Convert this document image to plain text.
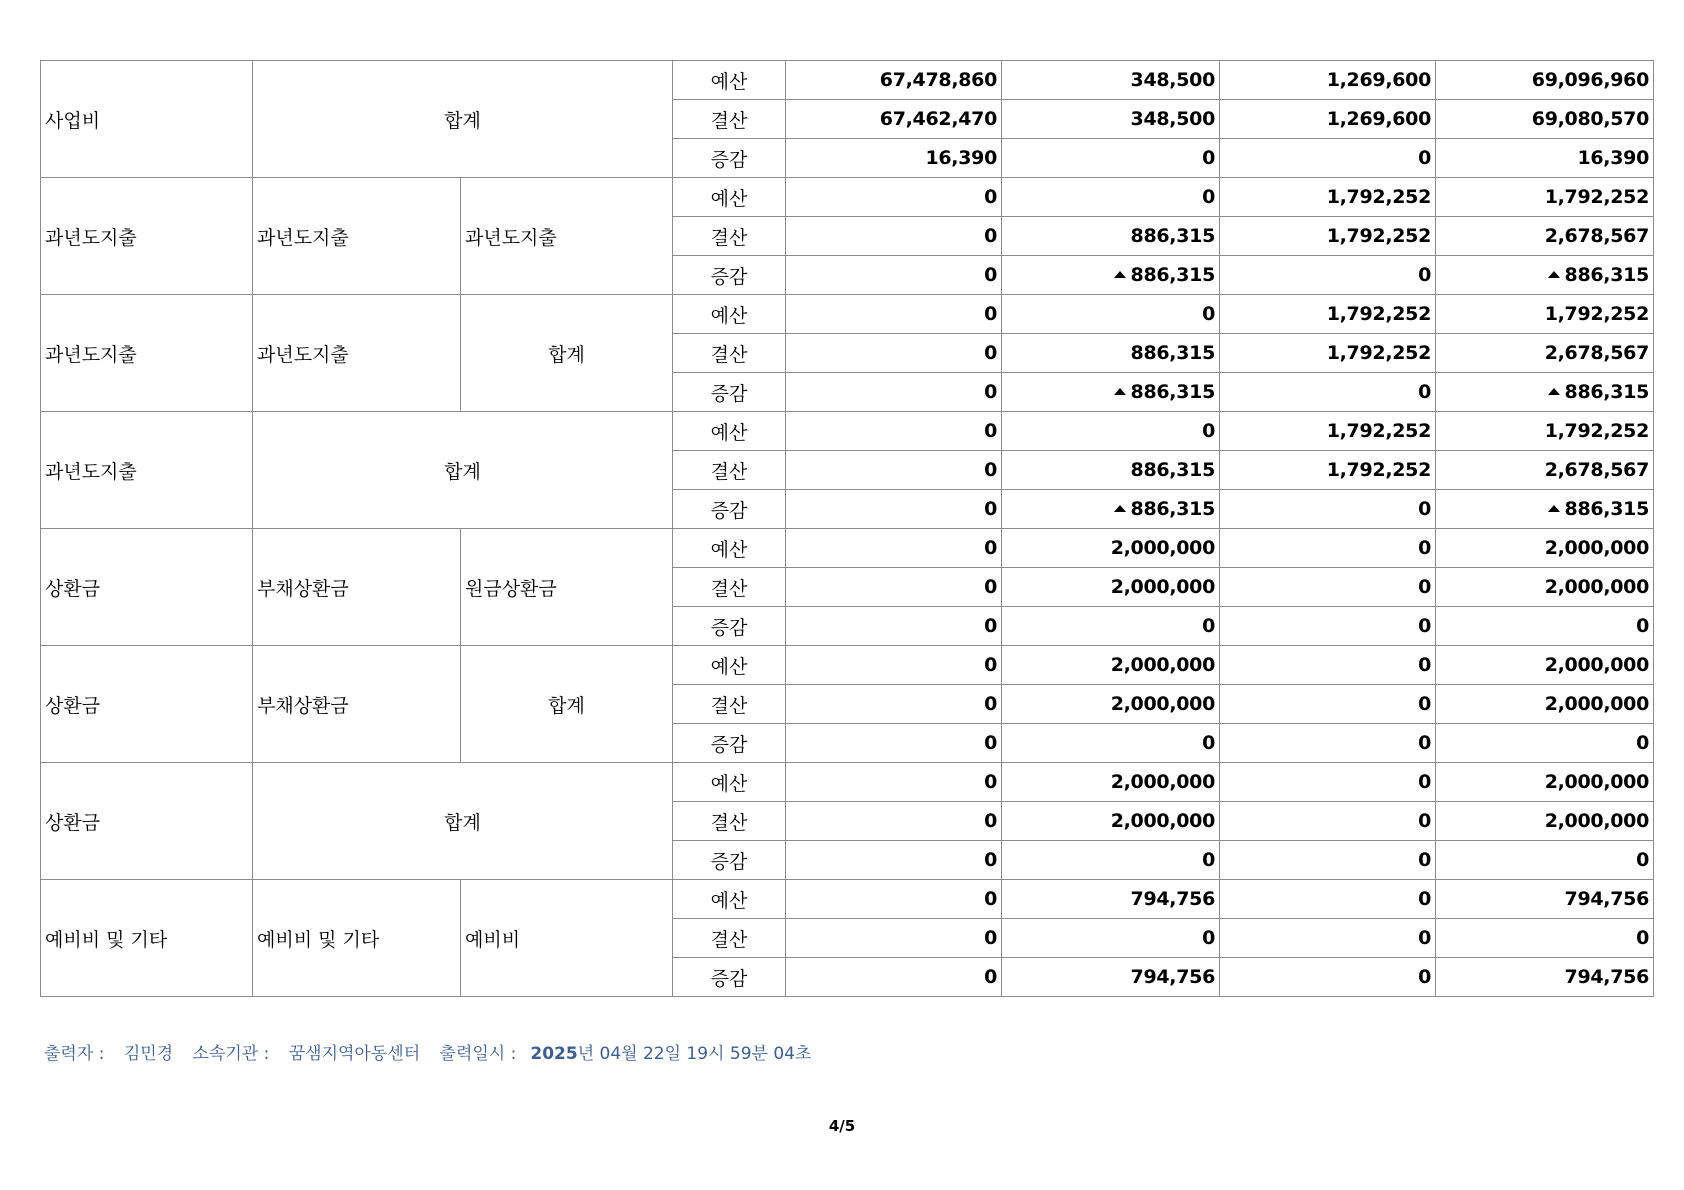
사업비	합계		예산	67,478,860	348,500	1,269,600	69,096,960
			결산	67,462,470	348,500	1,269,600	69,080,570
			증감	16,390	0	0	16,390
과년도지출	과년도지출	과년도지출	예산	0	0	1,792,252	1,792,252
			결산	0	886,315	1,792,252	2,678,567
			증감	0	886,315	0	886,315
과년도지출	과년도지출	합계	예산	0	0	1,792,252	1,792,252
			결산	0	886,315	1,792,252	2,678,567
			증감	0	886,315	0	886,315
과년도지출	합계		예산	0	0	1,792,252	1,792,252
			결산	0	886,315	1,792,252	2,678,567
			증감	0	886,315	0	886,315
상환금	부채상환금	원금상환금	예산	0	2,000,000	0	2,000,000
			결산	0	2,000,000	0	2,000,000
			증감	0	0	0	0
상환금	부채상환금	합계	예산	0	2,000,000	0	2,000,000
			결산	0	2,000,000	0	2,000,000
			증감	0	0	0	0
상환금	합계		예산	0	2,000,000	0	2,000,000
			결산	0	2,000,000	0	2,000,000
			증감	0	0	0	0
예비비 및 기타	예비비 및 기타	예비비	예산	0	794,756	0	794,756
			결산	0	0	0	0
			증감	0	794,756	0	794,756
출력자 : 김민경 소속기관 : 꿈샘지역아동센터 출력일시 : 2025년 04월 22일 19시 59분 04초
4/5
